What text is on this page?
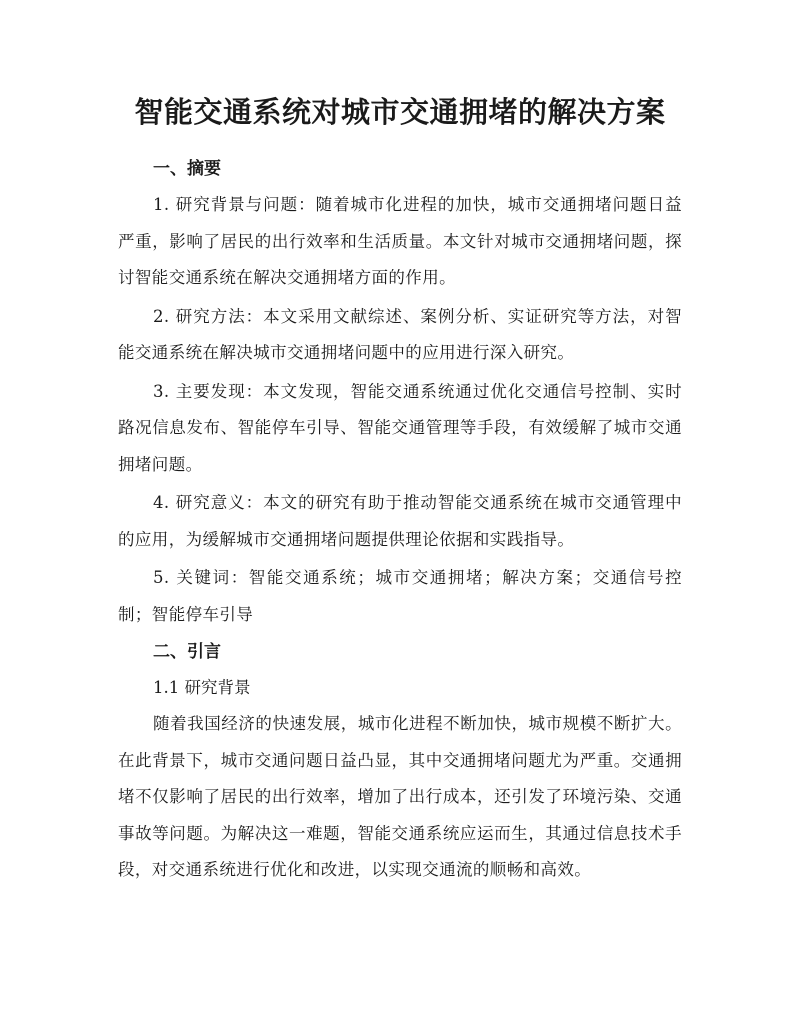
智能交通系统对城市交通拥堵的解决方案
一、摘要

1. 研究背景与问题：随着城市化进程的加快，城市交通拥堵问题日益严重，影响了居民的出行效率和生活质量。本文针对城市交通拥堵问题，探讨智能交通系统在解决交通拥堵方面的作用。

2. 研究方法：本文采用文献综述、案例分析、实证研究等方法，对智能交通系统在解决城市交通拥堵问题中的应用进行深入研究。

3. 主要发现：本文发现，智能交通系统通过优化交通信号控制、实时路况信息发布、智能停车引导、智能交通管理等手段，有效缓解了城市交通拥堵问题。

4. 研究意义：本文的研究有助于推动智能交通系统在城市交通管理中的应用，为缓解城市交通拥堵问题提供理论依据和实践指导。

5. 关键词：智能交通系统；城市交通拥堵；解决方案；交通信号控制；智能停车引导

二、引言
1.1 研究背景

随着我国经济的快速发展，城市化进程不断加快，城市规模不断扩大。在此背景下，城市交通问题日益凸显，其中交通拥堵问题尤为严重。交通拥堵不仅影响了居民的出行效率，增加了出行成本，还引发了环境污染、交通事故等问题。为解决这一难题，智能交通系统应运而生，其通过信息技术手段，对交通系统进行优化和改进，以实现交通流的顺畅和高效。
